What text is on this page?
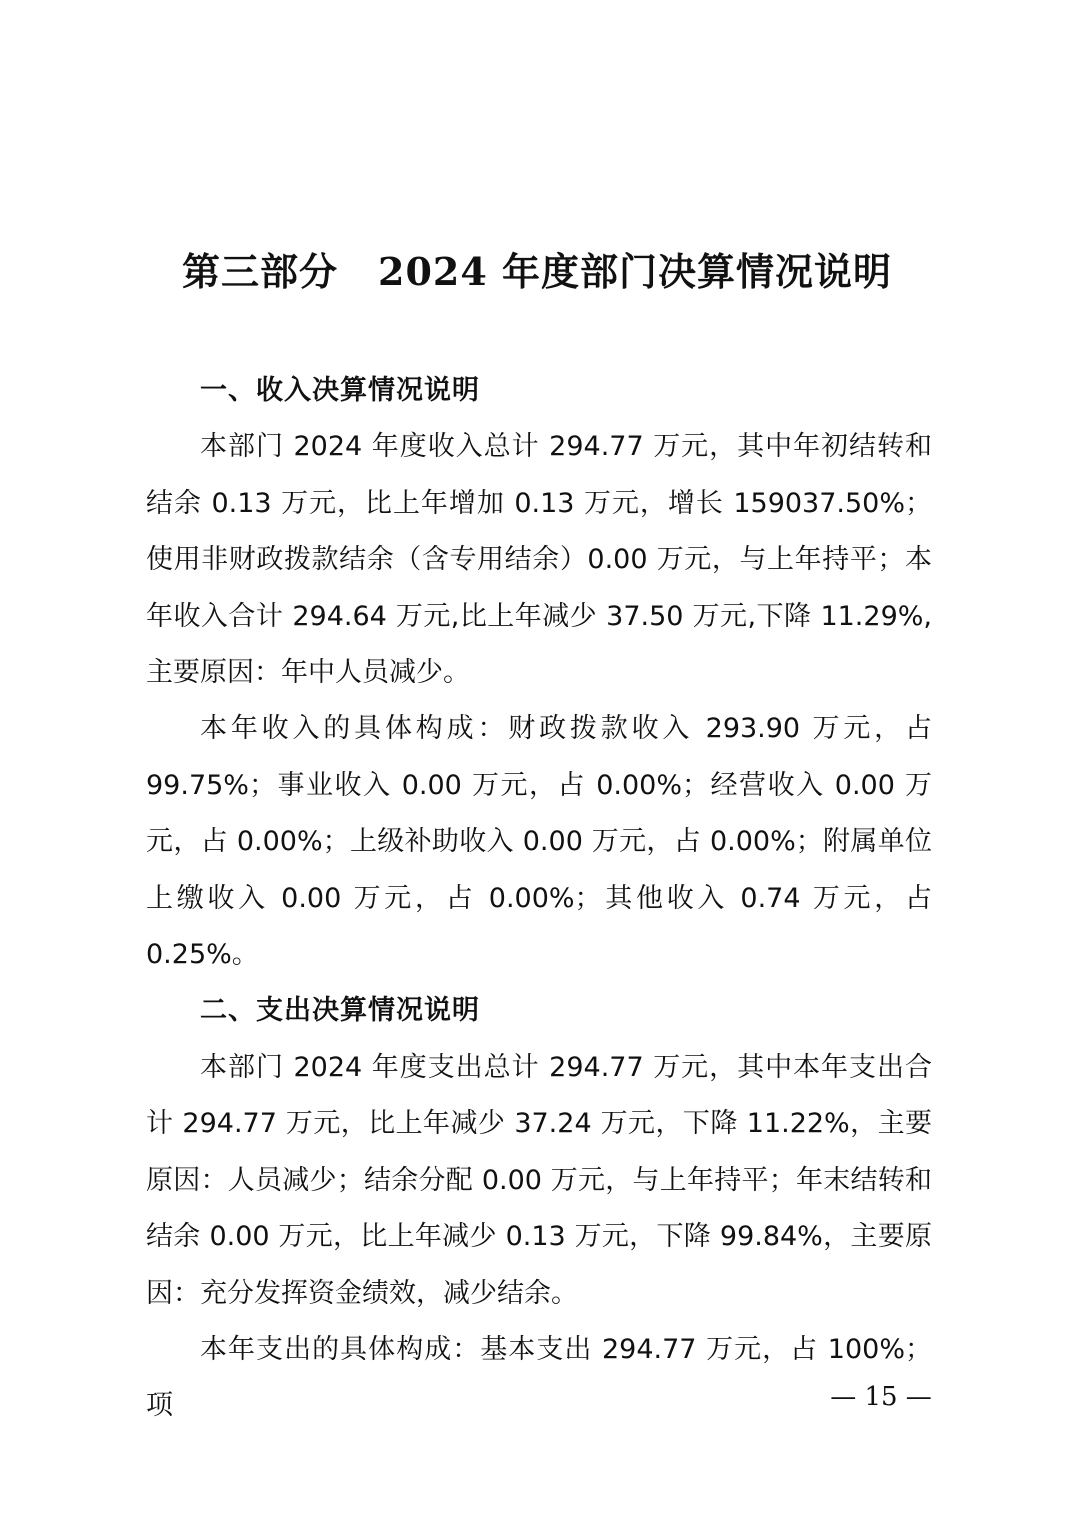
第三部分 2024 年度部门决算情况说明

一、收入决算情况说明

本部门 2024 年度收入总计 294.77 万元，其中年初结转和结余 0.13 万元，比上年增加 0.13 万元，增长 159037.50%；使用非财政拨款结余（含专用结余）0.00 万元，与上年持平；本年收入合计 294.64 万元,比上年减少 37.50 万元,下降 11.29%,主要原因：年中人员减少。

本年收入的具体构成：财政拨款收入 293.90 万元，占 99.75%；事业收入 0.00 万元，占 0.00%；经营收入 0.00 万元，占 0.00%；上级补助收入 0.00 万元，占 0.00%；附属单位上缴收入 0.00 万元，占 0.00%；其他收入 0.74 万元，占 0.25%。

二、支出决算情况说明

本部门 2024 年度支出总计 294.77 万元，其中本年支出合计 294.77 万元，比上年减少 37.24 万元，下降 11.22%，主要原因：人员减少；结余分配 0.00 万元，与上年持平；年末结转和结余 0.00 万元，比上年减少 0.13 万元，下降 99.84%，主要原因：充分发挥资金绩效，减少结余。

本年支出的具体构成：基本支出 294.77 万元，占 100%；项	— 15 —
